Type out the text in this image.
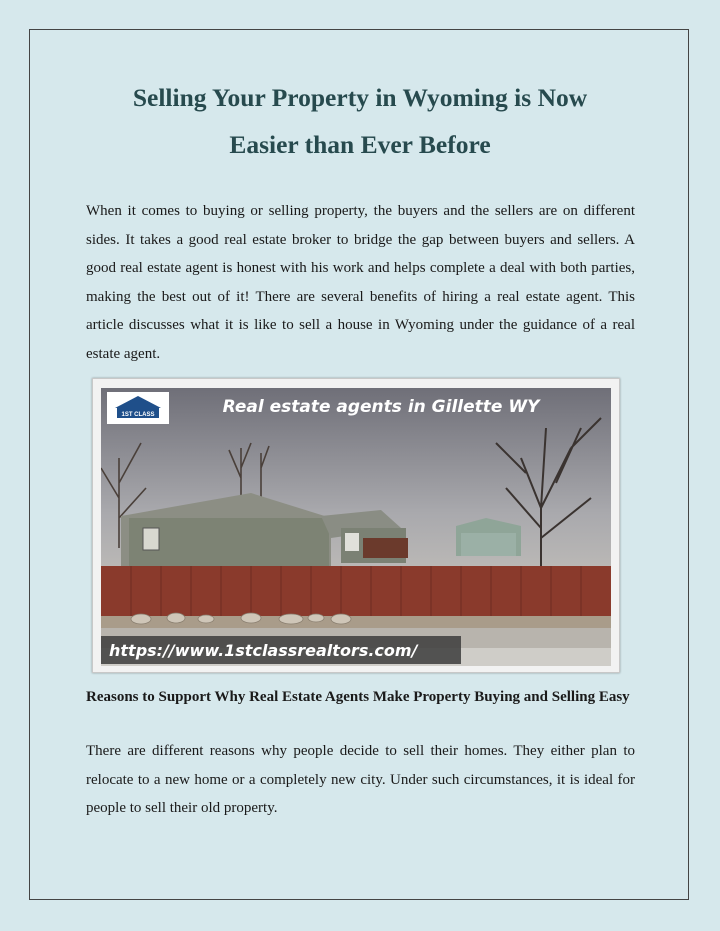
Selling Your Property in Wyoming is Now
Easier than Ever Before

When it comes to buying or selling property, the buyers and the sellers are on different sides. It takes a good real estate broker to bridge the gap between buyers and sellers. A good real estate agent is honest with his work and helps complete a deal with both parties, making the best out of it! There are several benefits of hiring a real estate agent. This article discusses what it is like to sell a house in Wyoming under the guidance of a real estate agent.

1ST CLASS	Real estate agents in Gillette WY
https://www.1stclassrealtors.com/
Reasons to Support Why Real Estate Agents Make Property Buying and Selling Easy

There are different reasons why people decide to sell their homes. They either plan to relocate to a new home or a completely new city. Under such circumstances, it is ideal for people to sell their old property.
